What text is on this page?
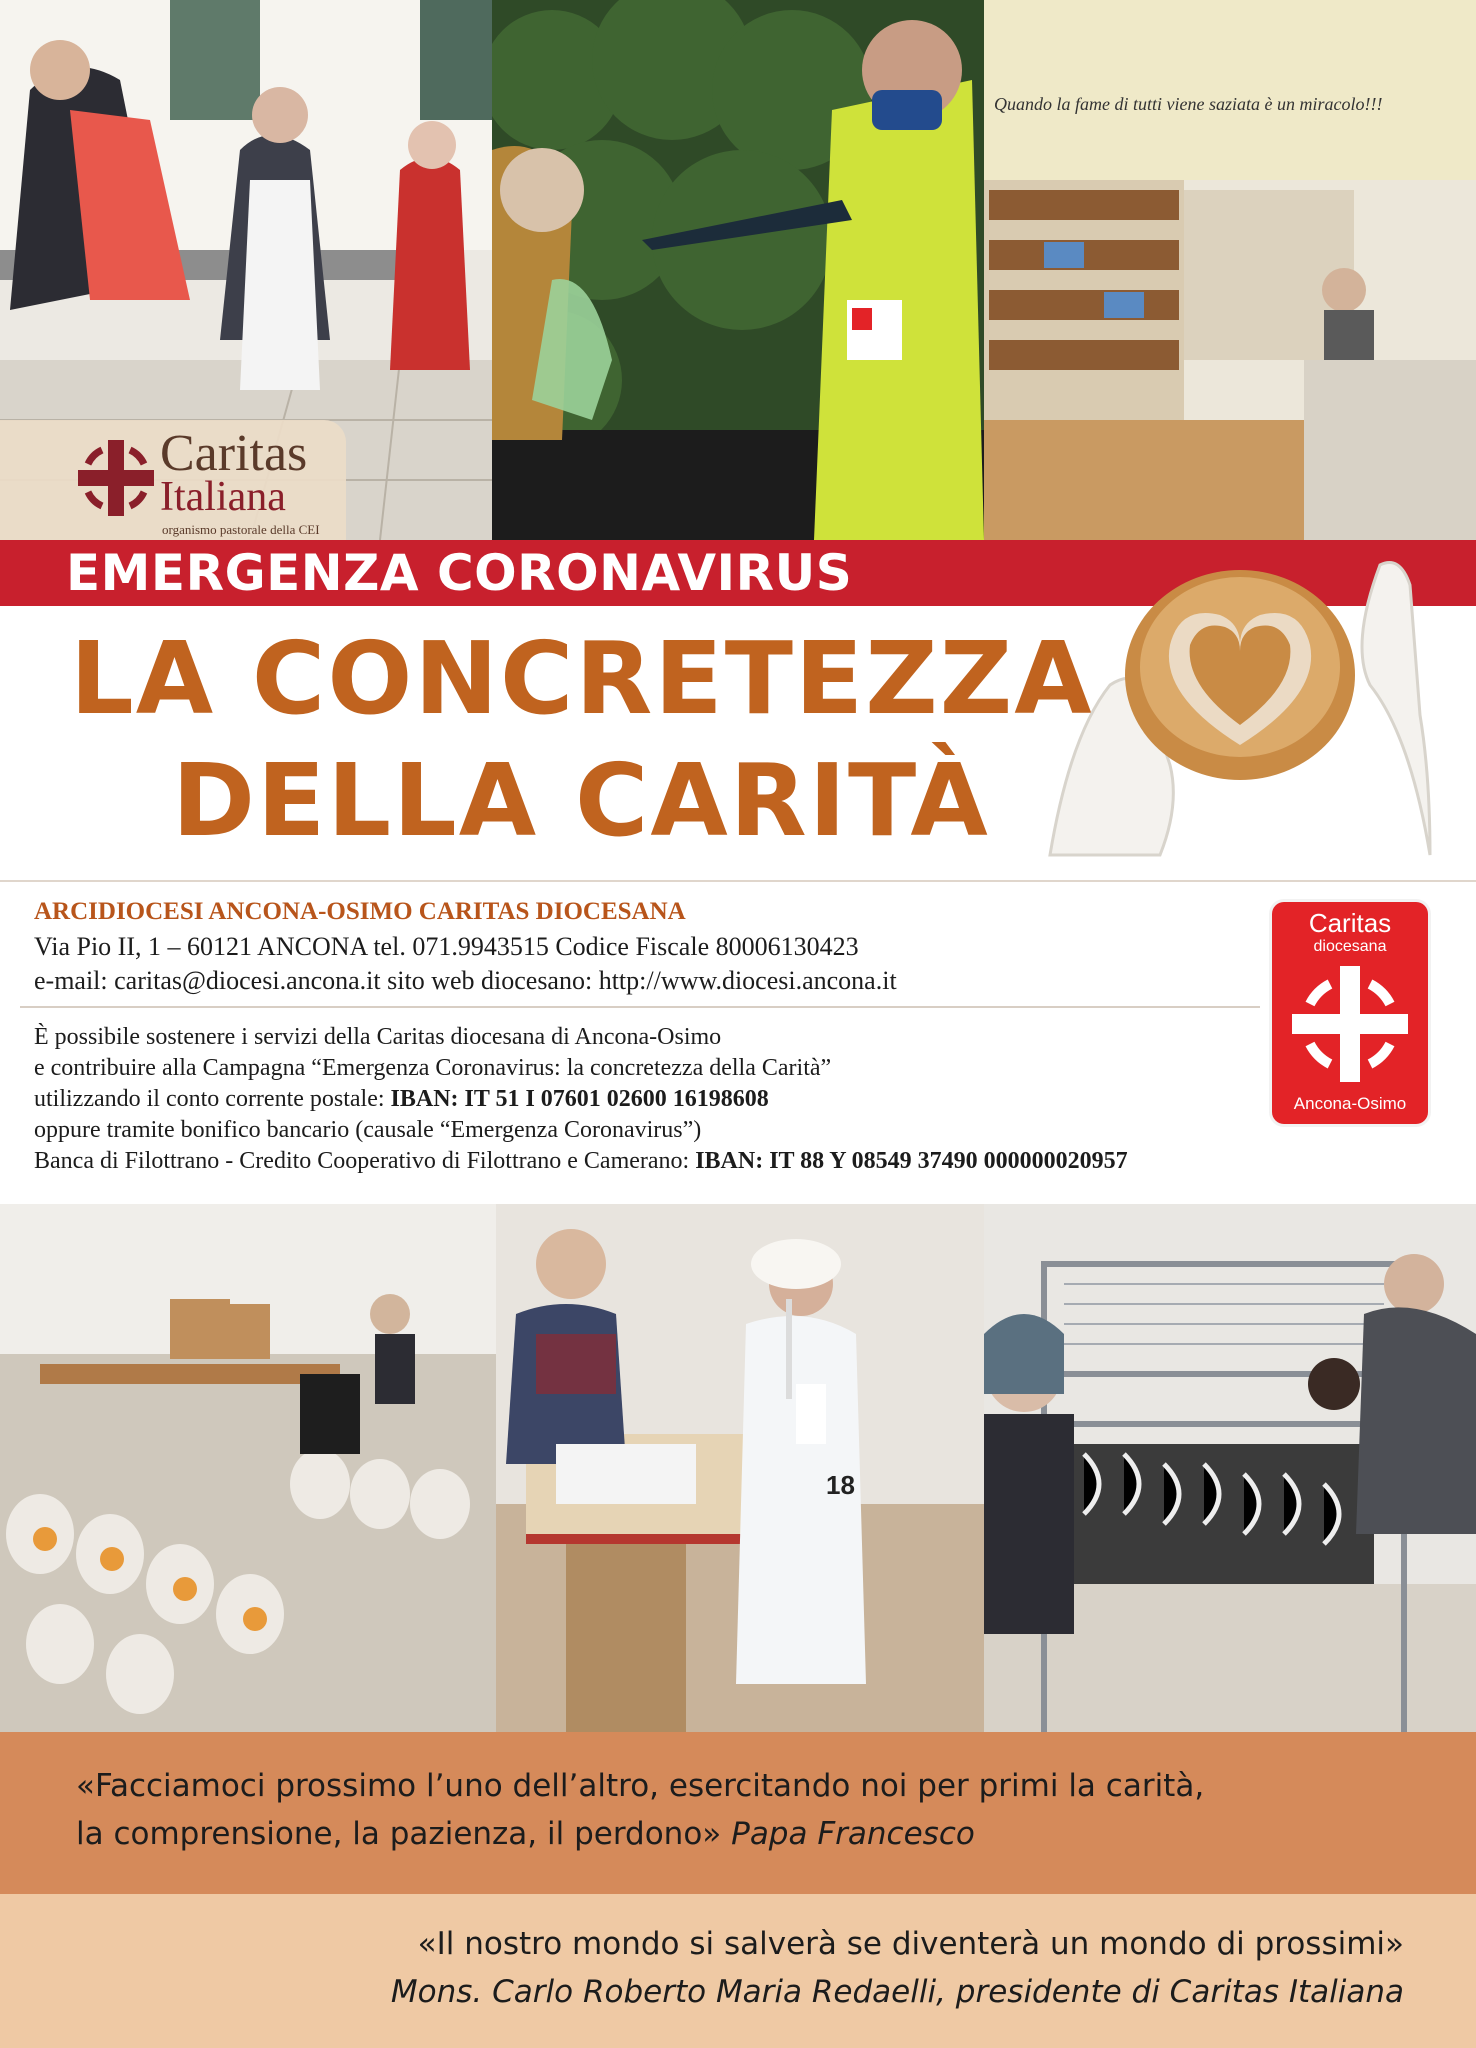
Quando la fame di tutti viene saziata è un miracolo!!!
Caritas
Italiana
organismo pastorale della CEI
EMERGENZA CORONAVIRUS
LA CONCRETEZZA
DELLA CARITÀ
ARCIDIOCESI ANCONA-OSIMO CARITAS DIOCESANA
Via Pio II, 1 – 60121 ANCONA tel. 071.9943515 Codice Fiscale 80006130423
e-mail: caritas@diocesi.ancona.it sito web diocesano: http://www.diocesi.ancona.it
È possibile sostenere i servizi della Caritas diocesana di Ancona-Osimo
e contribuire alla Campagna “Emergenza Coronavirus: la concretezza della Carità”
utilizzando il conto corrente postale: IBAN: IT 51 I 07601 02600 16198608
oppure tramite bonifico bancario (causale “Emergenza Coronavirus”)
Banca di Filottrano - Credito Cooperativo di Filottrano e Camerano: IBAN: IT 88 Y 08549 37490 000000020957
Caritas
diocesana
Ancona-Osimo
18
«Facciamoci prossimo l’uno dell’altro, esercitando noi per primi la carità,
la comprensione, la pazienza, il perdono» Papa Francesco
«Il nostro mondo si salverà se diventerà un mondo di prossimi»
Mons. Carlo Roberto Maria Redaelli, presidente di Caritas Italiana
